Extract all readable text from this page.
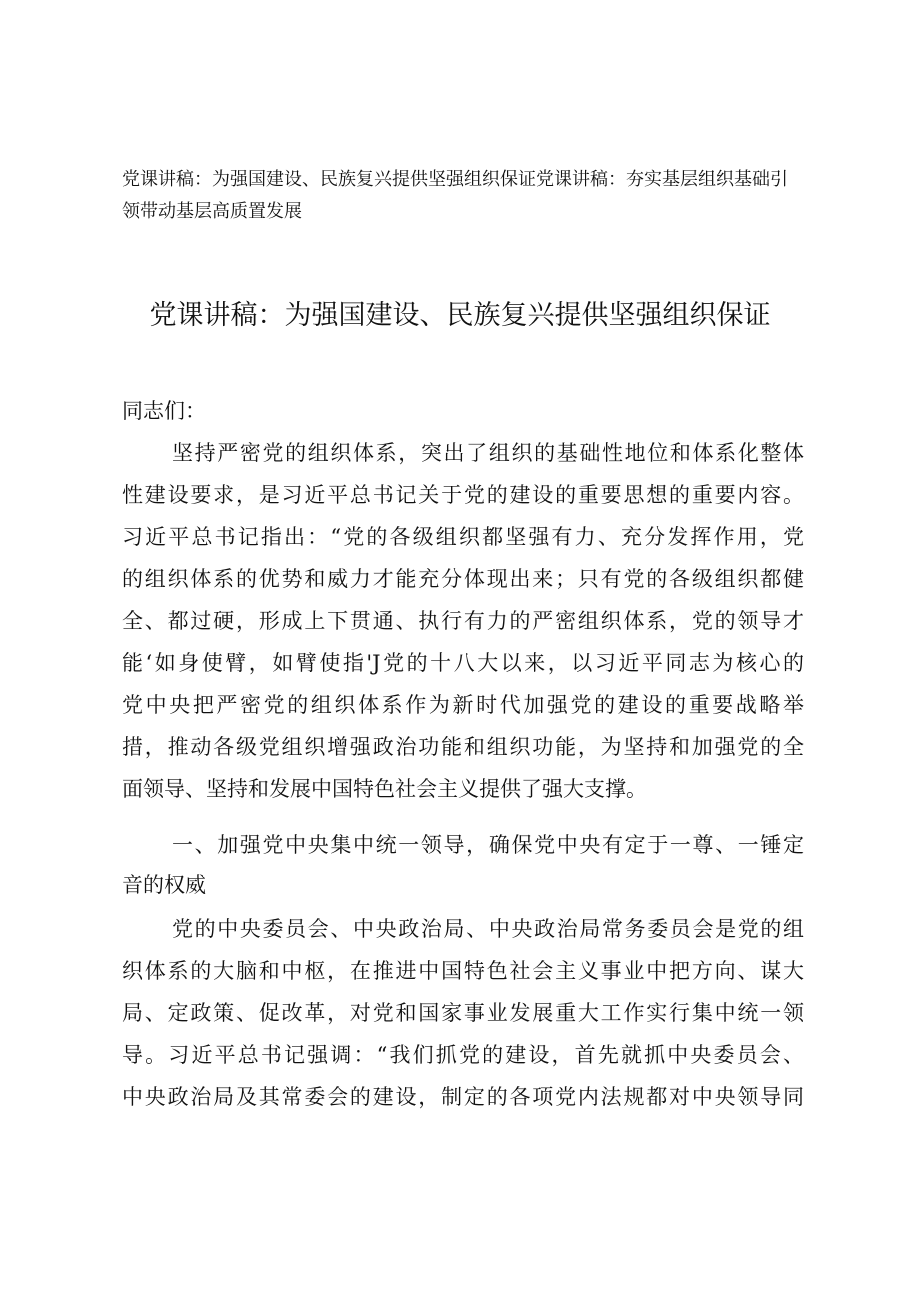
党课讲稿：为强国建设、民族复兴提供坚强组织保证党课讲稿：夯实基层组织基础引
领带动基层高质置发展
党课讲稿：为强国建设、民族复兴提供坚强组织保证
同志们：
坚持严密党的组织体系，突出了组织的基础性地位和体系化整体
性建设要求，是习近平总书记关于党的建设的重要思想的重要内容。
习近平总书记指出：“党的各级组织都坚强有力、充分发挥作用，党
的组织体系的优势和威力才能充分体现出来；只有党的各级组织都健
全、都过硬，形成上下贯通、执行有力的严密组织体系，党的领导才
能‘如身使臂，如臂使指'J党的十八大以来，以习近平同志为核心的
党中央把严密党的组织体系作为新时代加强党的建设的重要战略举
措，推动各级党组织增强政治功能和组织功能，为坚持和加强党的全
面领导、坚持和发展中国特色社会主义提供了强大支撑。
一、加强党中央集中统一领导，确保党中央有定于一尊、一锤定
音的权威
党的中央委员会、中央政治局、中央政治局常务委员会是党的组
织体系的大脑和中枢，在推进中国特色社会主义事业中把方向、谋大
局、定政策、促改革，对党和国家事业发展重大工作实行集中统一领
导。习近平总书记强调：“我们抓党的建设，首先就抓中央委员会、
中央政治局及其常委会的建设，制定的各项党内法规都对中央领导同
